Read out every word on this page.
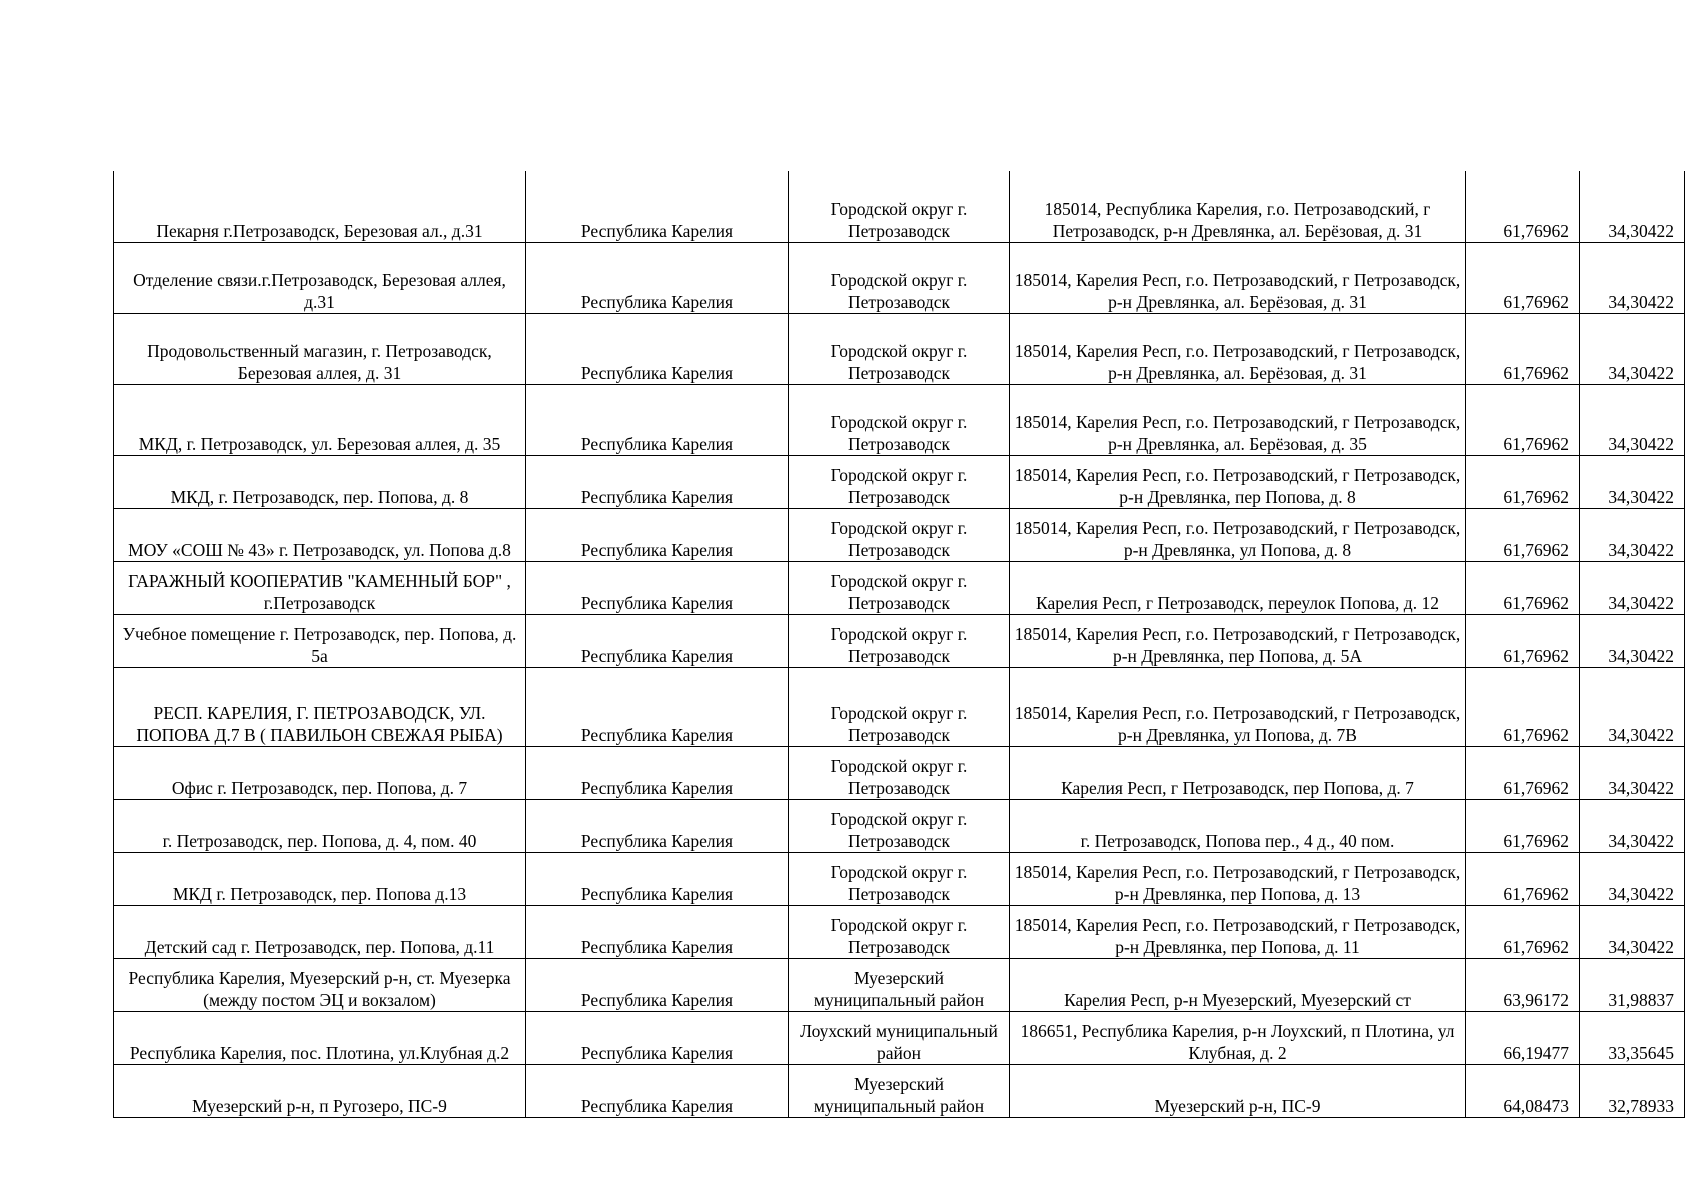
Пекарня г.Петрозаводск, Березовая ал., д.31	Республика Карелия	Городской округ г. Петрозаводск	185014, Республика Карелия, г.о. Петрозаводский, г Петрозаводск, р-н Древлянка, ал. Берёзовая, д. 31	61,76962	34,30422
Отделение связи.г.Петрозаводск, Березовая аллея, д.31	Республика Карелия	Городской округ г. Петрозаводск	185014, Карелия Респ, г.о. Петрозаводский, г Петрозаводск, р-н Древлянка, ал. Берёзовая, д. 31	61,76962	34,30422
Продовольственный магазин, г. Петрозаводск, Березовая аллея, д. 31	Республика Карелия	Городской округ г. Петрозаводск	185014, Карелия Респ, г.о. Петрозаводский, г Петрозаводск, р-н Древлянка, ал. Берёзовая, д. 31	61,76962	34,30422
МКД, г. Петрозаводск, ул. Березовая аллея, д. 35	Республика Карелия	Городской округ г. Петрозаводск	185014, Карелия Респ, г.о. Петрозаводский, г Петрозаводск, р-н Древлянка, ал. Берёзовая, д. 35	61,76962	34,30422
МКД, г. Петрозаводск, пер. Попова, д. 8	Республика Карелия	Городской округ г. Петрозаводск	185014, Карелия Респ, г.о. Петрозаводский, г Петрозаводск, р-н Древлянка, пер Попова, д. 8	61,76962	34,30422
МОУ «СОШ № 43» г. Петрозаводск, ул. Попова д.8	Республика Карелия	Городской округ г. Петрозаводск	185014, Карелия Респ, г.о. Петрозаводский, г Петрозаводск, р-н Древлянка, ул Попова, д. 8	61,76962	34,30422
ГАРАЖНЫЙ КООПЕРАТИВ "КАМЕННЫЙ БОР" , г.Петрозаводск	Республика Карелия	Городской округ г. Петрозаводск	Карелия Респ, г Петрозаводск, переулок Попова, д. 12	61,76962	34,30422
Учебное помещение г. Петрозаводск, пер. Попова, д. 5а	Республика Карелия	Городской округ г. Петрозаводск	185014, Карелия Респ, г.о. Петрозаводский, г Петрозаводск, р-н Древлянка, пер Попова, д. 5А	61,76962	34,30422
РЕСП. КАРЕЛИЯ, Г. ПЕТРОЗАВОДСК, УЛ. ПОПОВА Д.7 В ( ПАВИЛЬОН СВЕЖАЯ РЫБА)	Республика Карелия	Городской округ г. Петрозаводск	185014, Карелия Респ, г.о. Петрозаводский, г Петрозаводск, р-н Древлянка, ул Попова, д. 7В	61,76962	34,30422
Офис г. Петрозаводск, пер. Попова, д. 7	Республика Карелия	Городской округ г. Петрозаводск	Карелия Респ, г Петрозаводск, пер Попова, д. 7	61,76962	34,30422
г. Петрозаводск, пер. Попова, д. 4, пом. 40	Республика Карелия	Городской округ г. Петрозаводск	г. Петрозаводск, Попова пер., 4 д., 40 пом.	61,76962	34,30422
МКД г. Петрозаводск, пер. Попова д.13	Республика Карелия	Городской округ г. Петрозаводск	185014, Карелия Респ, г.о. Петрозаводский, г Петрозаводск, р-н Древлянка, пер Попова, д. 13	61,76962	34,30422
Детский сад г. Петрозаводск, пер. Попова, д.11	Республика Карелия	Городской округ г. Петрозаводск	185014, Карелия Респ, г.о. Петрозаводский, г Петрозаводск, р-н Древлянка, пер Попова, д. 11	61,76962	34,30422
Республика Карелия, Муезерский р-н, ст. Муезерка (между постом ЭЦ и вокзалом)	Республика Карелия	Муезерский муниципальный район	Карелия Респ, р-н Муезерский, Муезерский ст	63,96172	31,98837
Республика Карелия, пос. Плотина, ул.Клубная д.2	Республика Карелия	Лоухский муниципальный район	186651, Республика Карелия, р-н Лоухский, п Плотина, ул Клубная, д. 2	66,19477	33,35645
Муезерский р-н, п Ругозеро, ПС-9	Республика Карелия	Муезерский муниципальный район	Муезерский р-н, ПС-9	64,08473	32,78933
